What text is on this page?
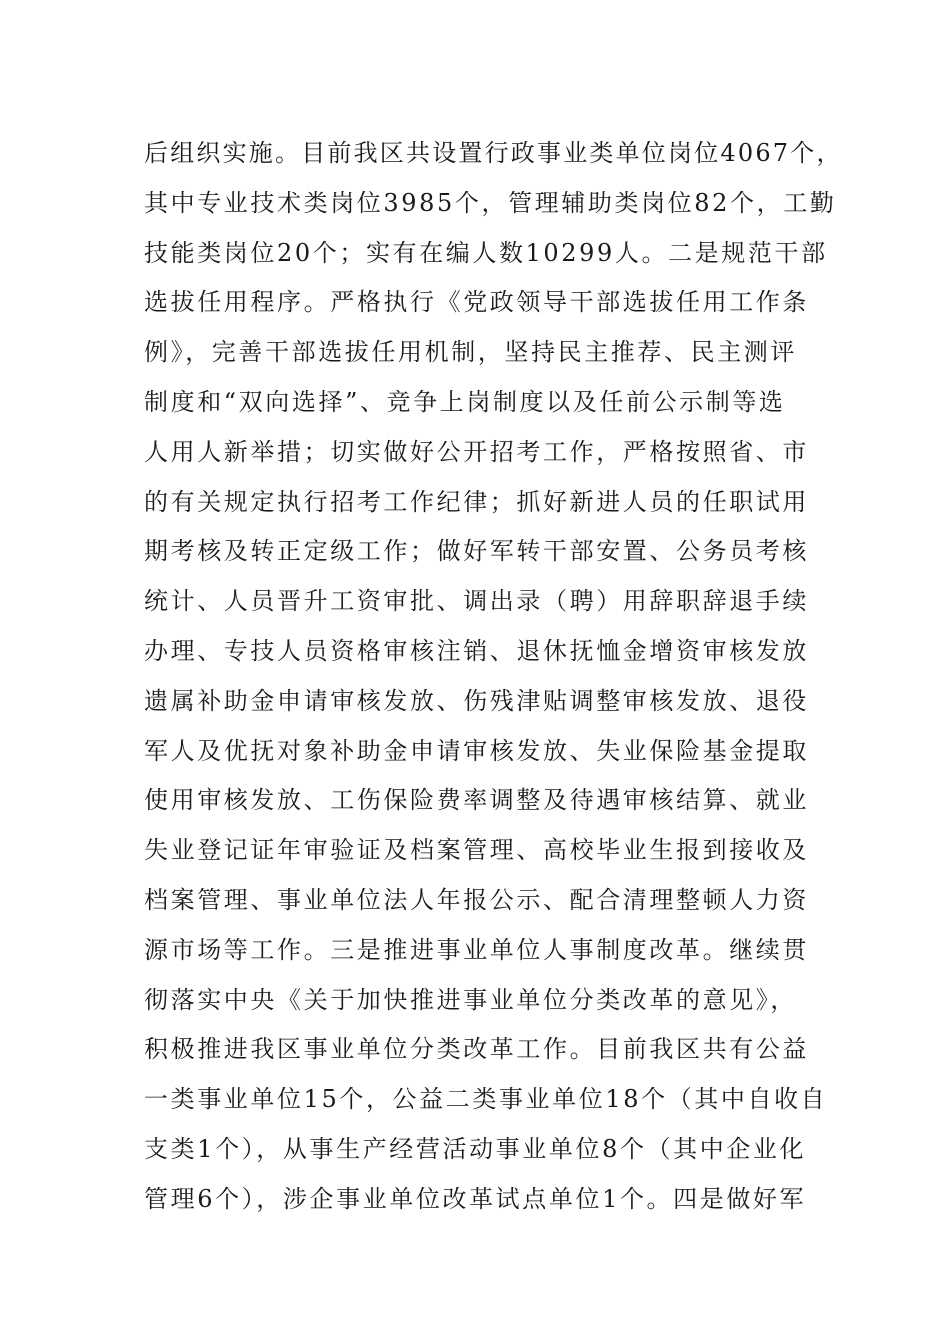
后组织实施。目前我区共设置行政事业类单位岗位4067个，
其中专业技术类岗位3985个，管理辅助类岗位82个，工勤
技能类岗位20个；实有在编人数10299人。二是规范干部
选拔任用程序。严格执行《党政领导干部选拔任用工作条
例》，完善干部选拔任用机制，坚持民主推荐、民主测评
制度和“双向选择”、竞争上岗制度以及任前公示制等选
人用人新举措；切实做好公开招考工作，严格按照省、市
的有关规定执行招考工作纪律；抓好新进人员的任职试用
期考核及转正定级工作；做好军转干部安置、公务员考核
统计、人员晋升工资审批、调出录（聘）用辞职辞退手续
办理、专技人员资格审核注销、退休抚恤金增资审核发放
遗属补助金申请审核发放、伤残津贴调整审核发放、退役
军人及优抚对象补助金申请审核发放、失业保险基金提取
使用审核发放、工伤保险费率调整及待遇审核结算、就业
失业登记证年审验证及档案管理、高校毕业生报到接收及
档案管理、事业单位法人年报公示、配合清理整顿人力资
源市场等工作。三是推进事业单位人事制度改革。继续贯
彻落实中央《关于加快推进事业单位分类改革的意见》，
积极推进我区事业单位分类改革工作。目前我区共有公益
一类事业单位15个，公益二类事业单位18个（其中自收自
支类1个），从事生产经营活动事业单位8个（其中企业化
管理6个），涉企事业单位改革试点单位1个。四是做好军
